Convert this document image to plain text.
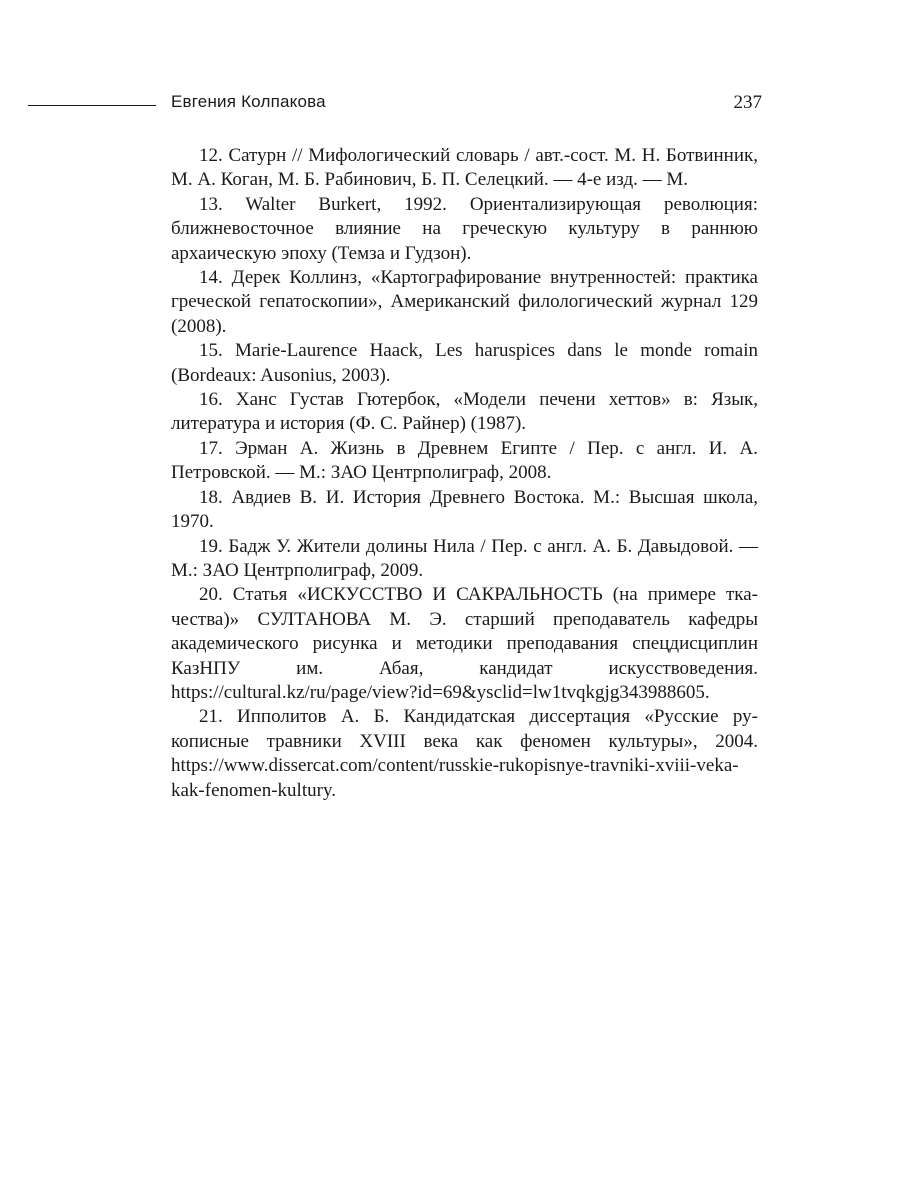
Евгения Колпакова	237

12. Сатурн // Мифологический словарь / авт.-сост. М. Н. Ботвинник, М. А. Коган, М. Б. Рабинович, Б. П. Селецкий. — 4-е изд. — М.

13. Walter Burkert, 1992. Ориентализирующая революция: ближневосточное влияние на греческую культуру в раннюю архаическую эпоху (Темза и Гудзон).

14. Дерек Коллинз, «Картографирование внутренностей: практика греческой гепатоскопии», Американский филологический журнал 129 (2008).

15. Marie-Laurence Haack, Les haruspices dans le monde romain (Bordeaux: Ausonius, 2003).

16. Ханс Густав Гютербок, «Модели печени хеттов» в: Язык, литература и история (Ф. С. Райнер) (1987).

17. Эрман А. Жизнь в Древнем Египте / Пер. с англ. И. А. Петровской. — М.: ЗАО Центрполиграф, 2008.

18. Авдиев В. И. История Древнего Востока. М.: Высшая школа, 1970.

19. Бадж У. Жители долины Нила / Пер. с англ. А. Б. Давыдовой. — М.: ЗАО Центрполиграф, 2009.

20. Статья «ИСКУССТВО И САКРАЛЬНОСТЬ (на примере ткачества)» СУЛТАНОВА М. Э. старший преподаватель кафедры академического рисунка и методики преподавания спецдисциплин КазНПУ им. Абая, кандидат искусствоведения. https://cultural.kz/ru/page/view?id=69&ysclid=lw1tvqkgjg343988605.

21. Ипполитов А. Б. Кандидатская диссертация «Русские рукописные травники XVIII века как феномен культуры», 2004. https://www.dissercat.com/content/russkie-rukopisnye-travniki-xviii-veka-kak-fenomen-kultury.
